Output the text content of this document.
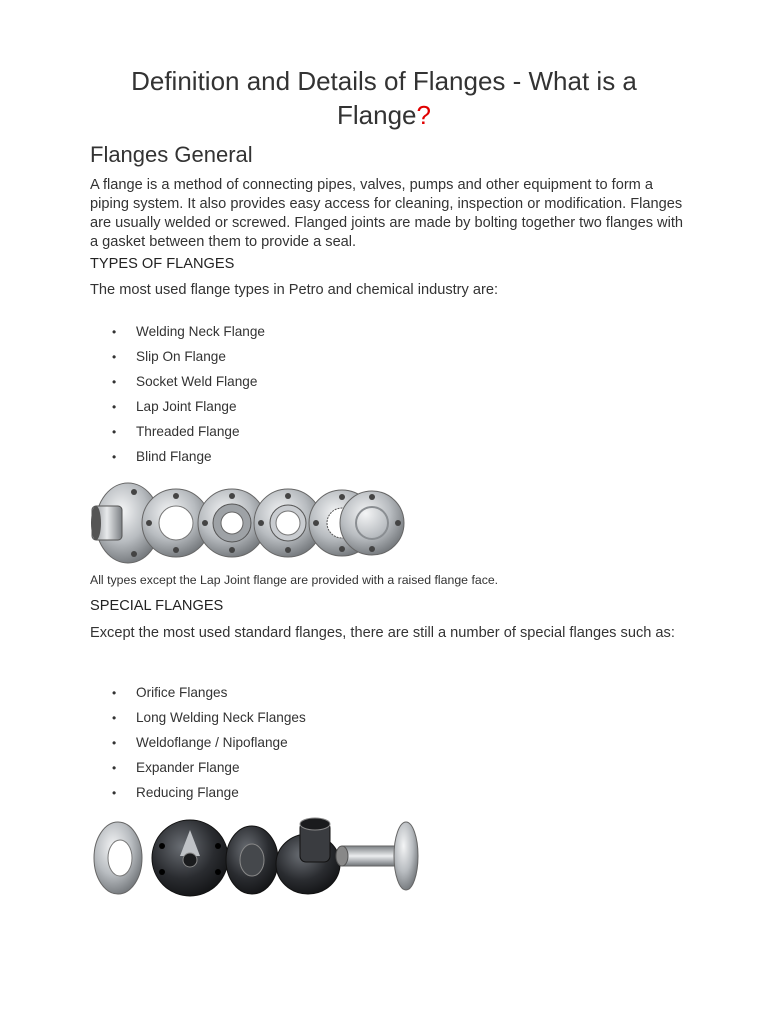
Definition and Details of Flanges - What is a Flange?
Flanges General

A flange is a method of connecting pipes, valves, pumps and other equipment to form a piping system. It also provides easy access for cleaning, inspection or modification. Flanges are usually welded or screwed. Flanged joints are made by bolting together two flanges with a gasket between them to provide a seal.

TYPES OF FLANGES

The most used flange types in Petro and chemical industry are:

• Welding Neck Flange
• Slip On Flange
• Socket Weld Flange
• Lap Joint Flange
• Threaded Flange
• Blind Flange

All types except the Lap Joint flange are provided with a raised flange face.

SPECIAL FLANGES

Except the most used standard flanges, there are still a number of special flanges such as:

• Orifice Flanges
• Long Welding Neck Flanges
• Weldoflange / Nipoflange
• Expander Flange
• Reducing Flange
